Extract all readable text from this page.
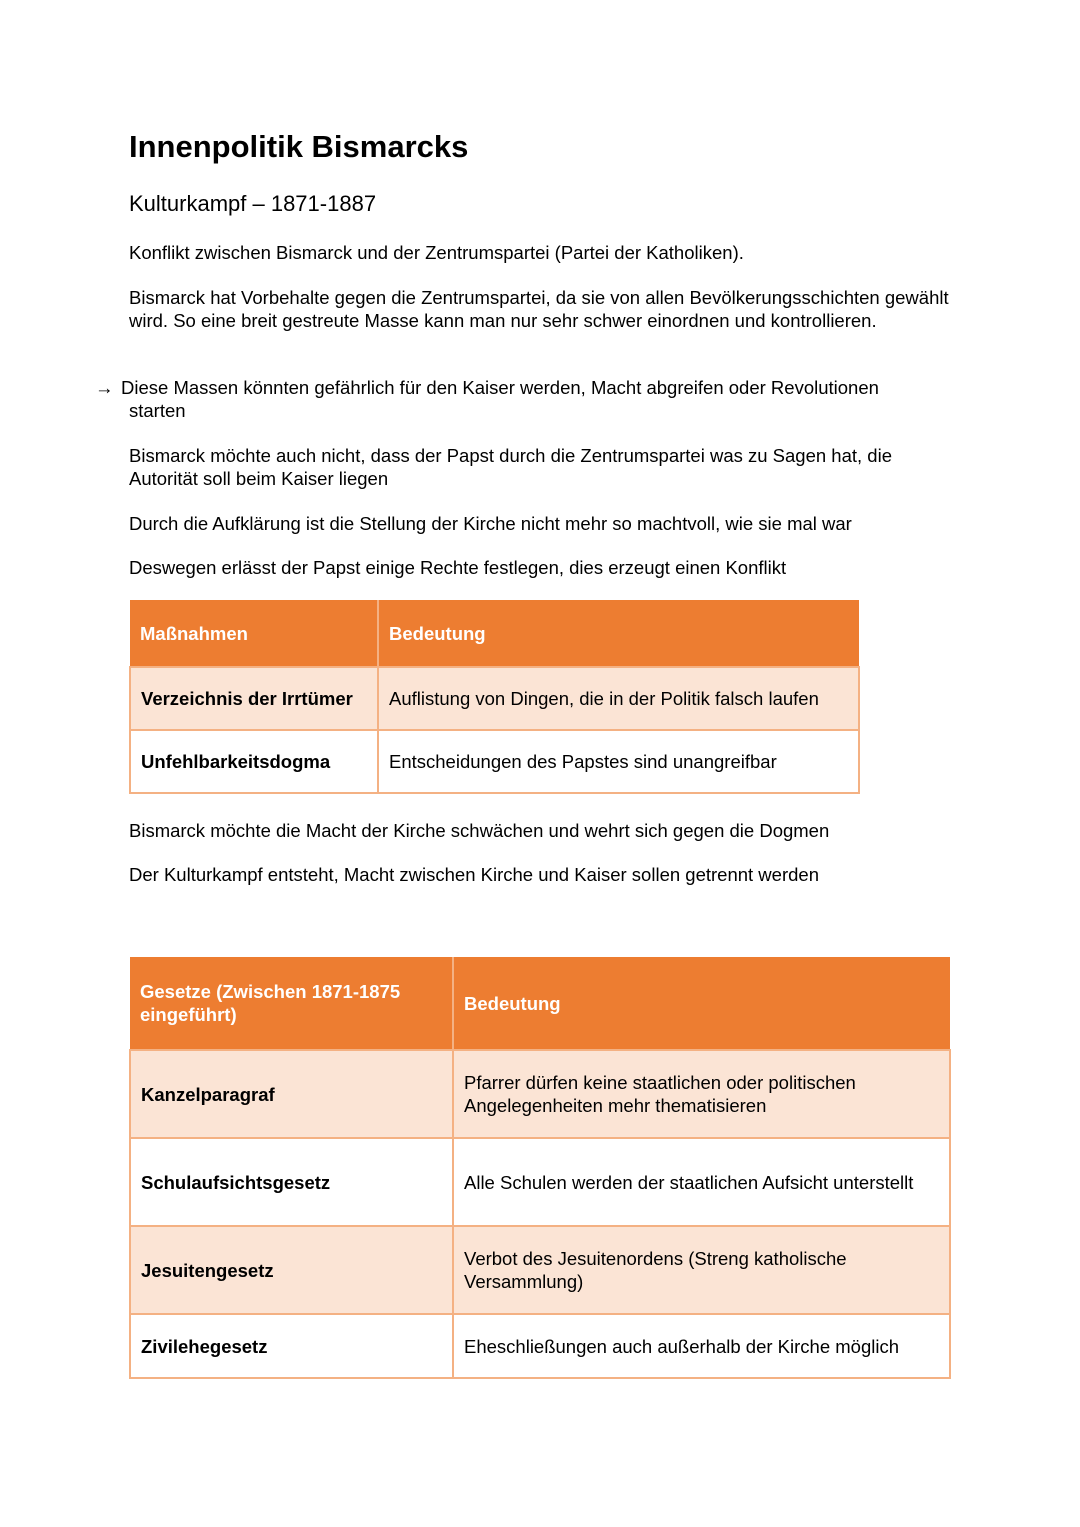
Innenpolitik Bismarcks

Kulturkampf – 1871-1887

Konflikt zwischen Bismarck und der Zentrumspartei (Partei der Katholiken).

Bismarck hat Vorbehalte gegen die Zentrumspartei, da sie von allen Bevölkerungsschichten gewählt wird. So eine breit gestreute Masse kann man nur sehr schwer einordnen und kontrollieren.

→ Diese Massen könnten gefährlich für den Kaiser werden, Macht abgreifen oder Revolutionen
starten

Bismarck möchte auch nicht, dass der Papst durch die Zentrumspartei was zu Sagen hat, die Autorität soll beim Kaiser liegen

Durch die Aufklärung ist die Stellung der Kirche nicht mehr so machtvoll, wie sie mal war

Deswegen erlässt der Papst einige Rechte festlegen, dies erzeugt einen Konflikt

Maßnahmen	Bedeutung
Verzeichnis der Irrtümer	Auflistung von Dingen, die in der Politik falsch laufen
Unfehlbarkeitsdogma	Entscheidungen des Papstes sind unangreifbar

Bismarck möchte die Macht der Kirche schwächen und wehrt sich gegen die Dogmen

Der Kulturkampf entsteht, Macht zwischen Kirche und Kaiser sollen getrennt werden

Gesetze (Zwischen 1871-1875 eingeführt)	Bedeutung
Kanzelparagraf	Pfarrer dürfen keine staatlichen oder politischen Angelegenheiten mehr thematisieren
Schulaufsichtsgesetz	Alle Schulen werden der staatlichen Aufsicht unterstellt
Jesuitengesetz	Verbot des Jesuitenordens (Streng katholische Versammlung)
Zivilehegesetz	Eheschließungen auch außerhalb der Kirche möglich
